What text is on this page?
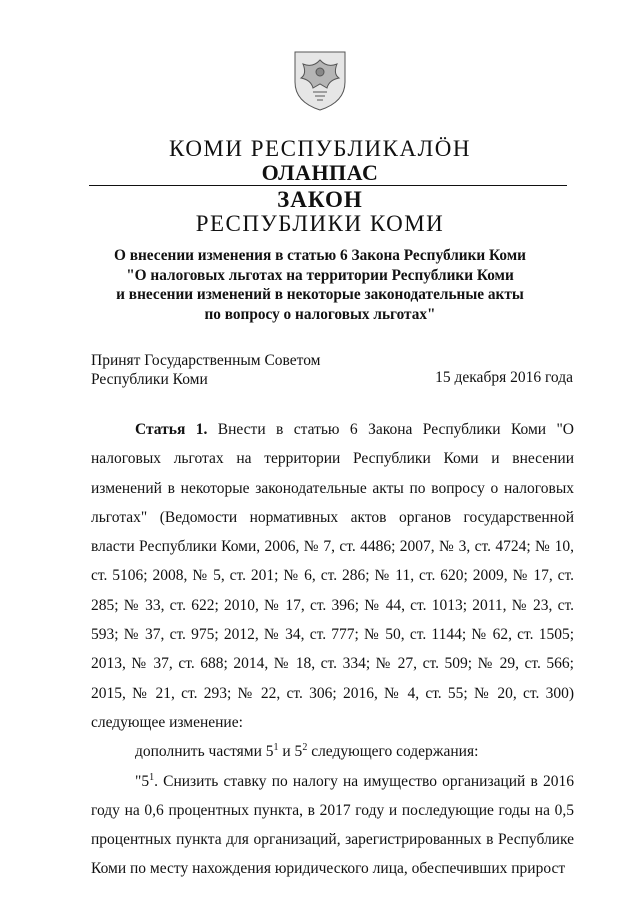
КОМИ РЕСПУБЛИКАЛӦН
ОЛАНПАС
ЗАКОН
РЕСПУБЛИКИ КОМИ
О внесении изменения в статью 6 Закона Республики Коми
"О налоговых льготах на территории Республики Коми
и внесении изменений в некоторые законодательные акты
по вопросу о налоговых льготах"
Принят Государственным Советом
Республики Коми	15 декабря 2016 года

Статья 1. Внести в статью 6 Закона Республики Коми "О налоговых льготах на территории Республики Коми и внесении изменений в некоторые законодательные акты по вопросу о налоговых льготах" (Ведомости нормативных актов органов государственной власти Республики Коми, 2006, № 7, ст. 4486; 2007, № 3, ст. 4724; № 10, ст. 5106; 2008, № 5, ст. 201; № 6, ст. 286; № 11, ст. 620; 2009, № 17, ст. 285; № 33, ст. 622; 2010, № 17, ст. 396; № 44, ст. 1013; 2011, № 23, ст. 593; № 37, ст. 975; 2012, № 34, ст. 777; № 50, ст. 1144; № 62, ст. 1505; 2013, № 37, ст. 688; 2014, № 18, ст. 334; № 27, ст. 509; № 29, ст. 566; 2015, № 21, ст. 293; № 22, ст. 306; 2016, № 4, ст. 55; № 20, ст. 300) следующее изменение:

дополнить частями $5^1$ и $5^2$ следующего содержания:

"$5^1$. Снизить ставку по налогу на имущество организаций в 2016 году на 0,6 процентных пункта, в 2017 году и последующие годы на 0,5 процентных пункта для организаций, зарегистрированных в Республике Коми по месту нахождения юридического лица, обеспечивших прирост
